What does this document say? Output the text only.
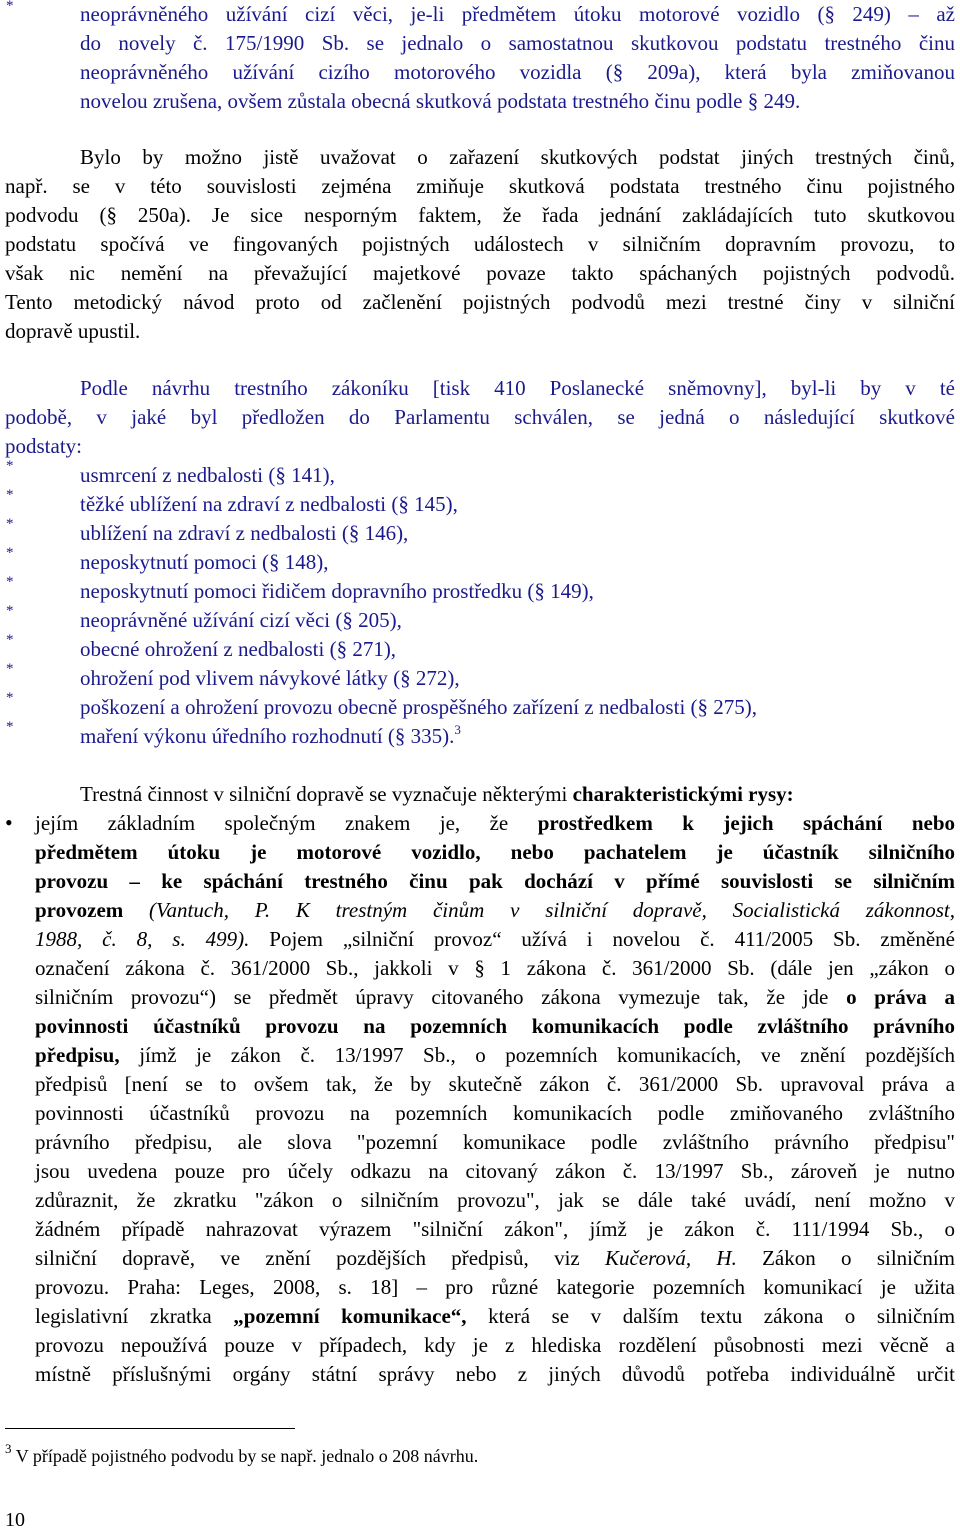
*	neoprávněného užívání cizí věci, je-li předmětem útoku motorové vozidlo (§ 249) – až
do novely č. 175/1990 Sb. se jednalo o samostatnou skutkovou podstatu trestného činu
neoprávněného užívání cizího motorového vozidla (§ 209a), která byla zmiňovanou
novelou zrušena, ovšem zůstala obecná skutková podstata trestného činu podle § 249.
Bylo by možno jistě uvažovat o zařazení skutkových podstat jiných trestných činů,
např. se v této souvislosti zejména zmiňuje skutková podstata trestného činu pojistného
podvodu (§ 250a). Je sice nesporným faktem, že řada jednání zakládajících tuto skutkovou
podstatu spočívá ve fingovaných pojistných událostech v silničním dopravním provozu, to
však nic nemění na převažující majetkové povaze takto spáchaných pojistných podvodů.
Tento metodický návod proto od začlenění pojistných podvodů mezi trestné činy v silniční
dopravě upustil.
Podle návrhu trestního zákoníku [tisk 410 Poslanecké sněmovny], byl-li by v té
podobě, v jaké byl předložen do Parlamentu schválen, se jedná o následující skutkové
podstaty:
*	usmrcení z nedbalosti (§ 141),
*	těžké ublížení na zdraví z nedbalosti (§ 145),
*	ublížení na zdraví z nedbalosti (§ 146),
*	neposkytnutí pomoci (§ 148),
*	neposkytnutí pomoci řidičem dopravního prostředku (§ 149),
*	neoprávněné užívání cizí věci (§ 205),
*	obecné ohrožení z nedbalosti (§ 271),
*	ohrožení pod vlivem návykové látky (§ 272),
*	poškození a ohrožení provozu obecně prospěšného zařízení z nedbalosti (§ 275),
*	maření výkonu úředního rozhodnutí (§ 335).$^3$
Trestná činnost v silniční dopravě se vyznačuje některými charakteristickými rysy:
• jejím základním společným znakem je, že prostředkem k jejich spáchání nebo
předmětem útoku je motorové vozidlo, nebo pachatelem je účastník silničního
provozu – ke spáchání trestného činu pak dochází v přímé souvislosti se silničním
provozem (Vantuch, P. K trestným činům v silniční dopravě, Socialistická zákonnost,
1988, č. 8, s. 499). Pojem „silniční provoz“ užívá i novelou č. 411/2005 Sb. změněné
označení zákona č. 361/2000 Sb., jakkoli v § 1 zákona č. 361/2000 Sb. (dále jen „zákon o
silničním provozu“) se předmět úpravy citovaného zákona vymezuje tak, že jde o práva a
povinnosti účastníků provozu na pozemních komunikacích podle zvláštního právního
předpisu, jímž je zákon č. 13/1997 Sb., o pozemních komunikacích, ve znění pozdějších
předpisů [není se to ovšem tak, že by skutečně zákon č. 361/2000 Sb. upravoval práva a
povinnosti účastníků provozu na pozemních komunikacích podle zmiňovaného zvláštního
právního předpisu, ale slova "pozemní komunikace podle zvláštního právního předpisu"
jsou uvedena pouze pro účely odkazu na citovaný zákon č. 13/1997 Sb., zároveň je nutno
zdůraznit, že zkratku "zákon o silničním provozu", jak se dále také uvádí, není možno v
žádném případě nahrazovat výrazem "silniční zákon", jímž je zákon č. 111/1994 Sb., o
silniční dopravě, ve znění pozdějších předpisů, viz Kučerová, H. Zákon o silničním
provozu. Praha: Leges, 2008, s. 18] – pro různé kategorie pozemních komunikací je užita
legislativní zkratka „pozemní komunikace“, která se v dalším textu zákona o silničním
provozu nepoužívá pouze v případech, kdy je z hlediska rozdělení působnosti mezi věcně a
místně příslušnými orgány státní správy nebo z jiných důvodů potřeba individuálně určit
$^3$ V případě pojistného podvodu by se např. jednalo o 208 návrhu.
10
